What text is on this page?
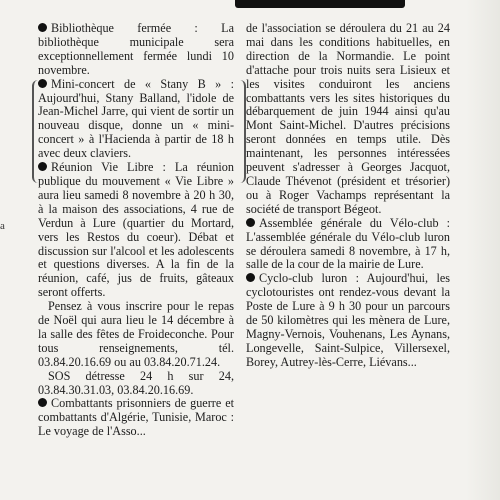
a

Bibliothèque fermée : La bibliothèque municipale sera exceptionnellement fermée lundi 10 novembre.

Mini-concert de « Stany B » : Aujourd'hui, Stany Balland, l'idole de Jean-Michel Jarre, qui vient de sortir un nouveau disque, donne un « mini-concert » à l'Hacienda à partir de 18 h avec deux claviers.

Réunion Vie Libre : La réunion publique du mouvement « Vie Libre » aura lieu samedi 8 novembre à 20 h 30, à la maison des associations, 4 rue de Verdun à Lure (quartier du Mortard, vers les Restos du coeur). Débat et discussion sur l'alcool et les adolescents et questions diverses. A la fin de la réunion, café, jus de fruits, gâteaux seront offerts.

Pensez à vous inscrire pour le repas de Noël qui aura lieu le 14 décembre à la salle des fêtes de Froideconche. Pour tous renseignements, tél. 03.84.20.16.69 ou au 03.84.20.71.24.

SOS détresse 24 h sur 24, 03.84.30.31.03, 03.84.20.16.69.

Combattants prisonniers de guerre et combattants d'Algérie, Tunisie, Maroc : Le voyage de l'Asso...

de l'association se déroulera du 21 au 24 mai dans les conditions habituelles, en direction de la Normandie. Le point d'attache pour trois nuits sera Lisieux et les visites conduiront les anciens combattants vers les sites historiques du débarquement de juin 1944 ainsi qu'au Mont Saint-Michel. D'autres précisions seront données en temps utile. Dès maintenant, les personnes intéressées peuvent s'adresser à Georges Jacquot, Claude Thévenot (président et trésorier) ou à Roger Vachamps représentant la société de transport Bégeot.

Assemblée générale du Vélo-club : L'assemblée générale du Vélo-club luron se déroulera samedi 8 novembre, à 17 h, salle de la cour de la mairie de Lure.

Cyclo-club luron : Aujourd'hui, les cyclotouristes ont rendez-vous devant la Poste de Lure à 9 h 30 pour un parcours de 50 kilomètres qui les mènera de Lure, Magny-Vernois, Vouhenans, Les Aynans, Longevelle, Saint-Sulpice, Villersexel, Borey, Autrey-lès-Cerre, Liévans...
